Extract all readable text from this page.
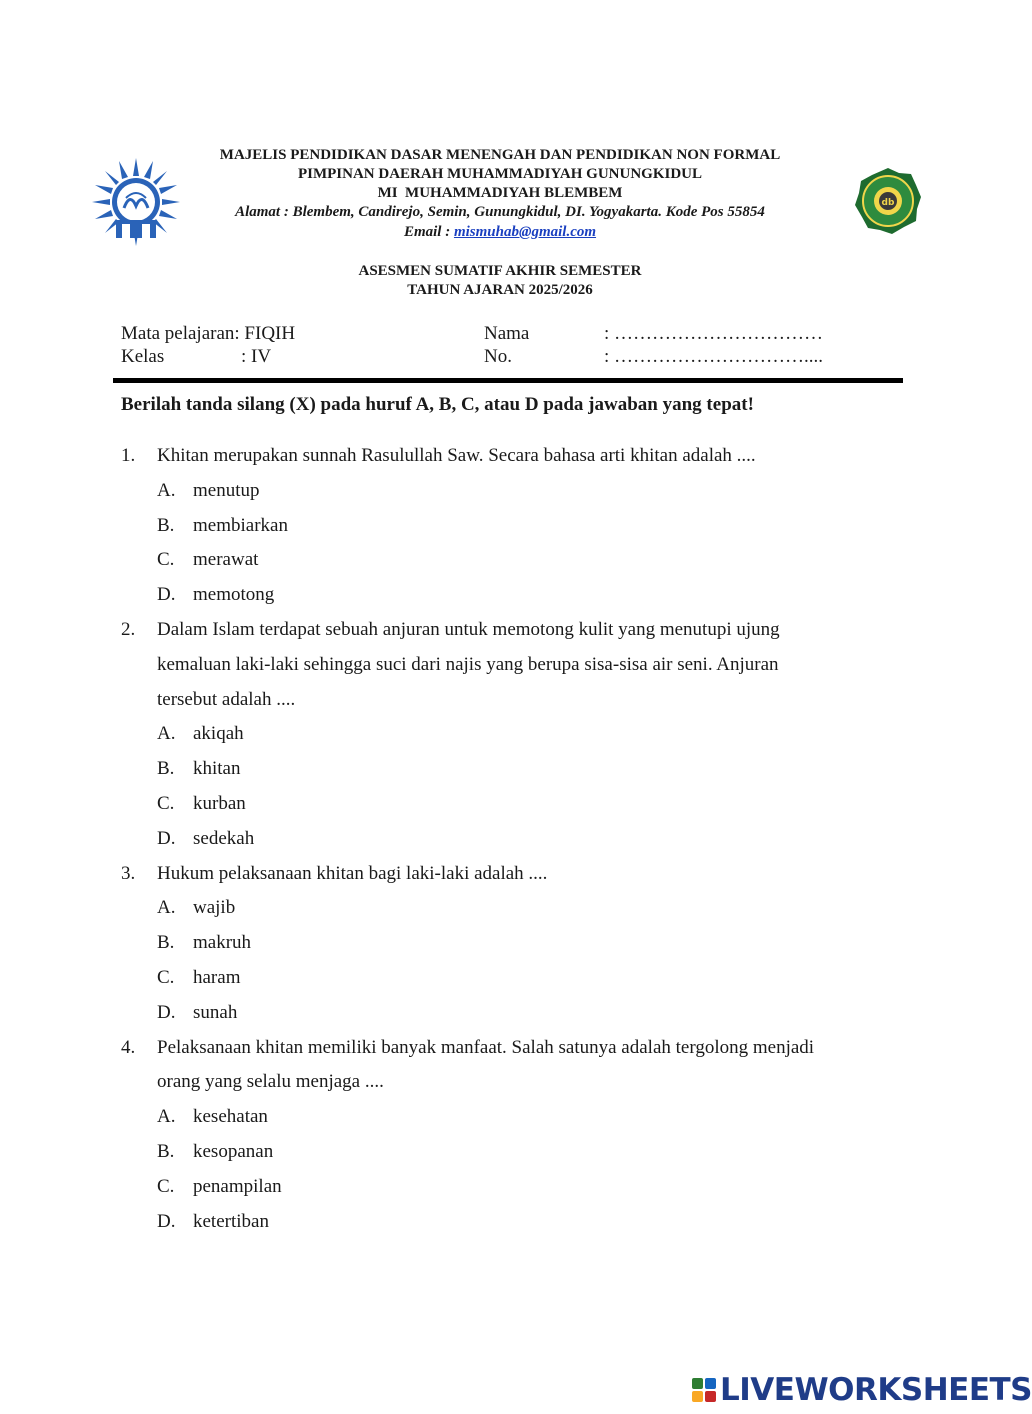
db
MAJELIS PENDIDIKAN DASAR MENENGAH DAN PENDIDIKAN NON FORMAL
PIMPINAN DAERAH MUHAMMADIYAH GUNUNGKIDUL
MI  MUHAMMADIYAH BLEMBEM
Alamat : Blembem, Candirejo, Semin, Gunungkidul, DI. Yogyakarta. Kode Pos 55854
Email : mismuhab@gmail.com
ASESMEN SUMATIF AKHIR SEMESTER
TAHUN AJARAN 2025/2026
Mata pelajaran: FIQIH
Kelas	: IV
Nama	: ……………………………
No.	: …………………………....
Berilah tanda silang (X) pada huruf A, B, C, atau D pada jawaban yang tepat!
1.	Khitan merupakan sunnah Rasulullah Saw. Secara bahasa arti khitan adalah ....
A. menutup
B. membiarkan
C. merawat
D. memotong
2.	Dalam Islam terdapat sebuah anjuran untuk memotong kulit yang menutupi ujung
kemaluan laki-laki sehingga suci dari najis yang berupa sisa-sisa air seni. Anjuran
tersebut adalah ....
A. akiqah
B. khitan
C. kurban
D. sedekah
3.	Hukum pelaksanaan khitan bagi laki-laki adalah ....
A. wajib
B. makruh
C. haram
D. sunah
4.	Pelaksanaan khitan memiliki banyak manfaat. Salah satunya adalah tergolong menjadi
orang yang selalu menjaga ....
A. kesehatan
B. kesopanan
C. penampilan
D. ketertiban
LIVEWORKSHEETS
